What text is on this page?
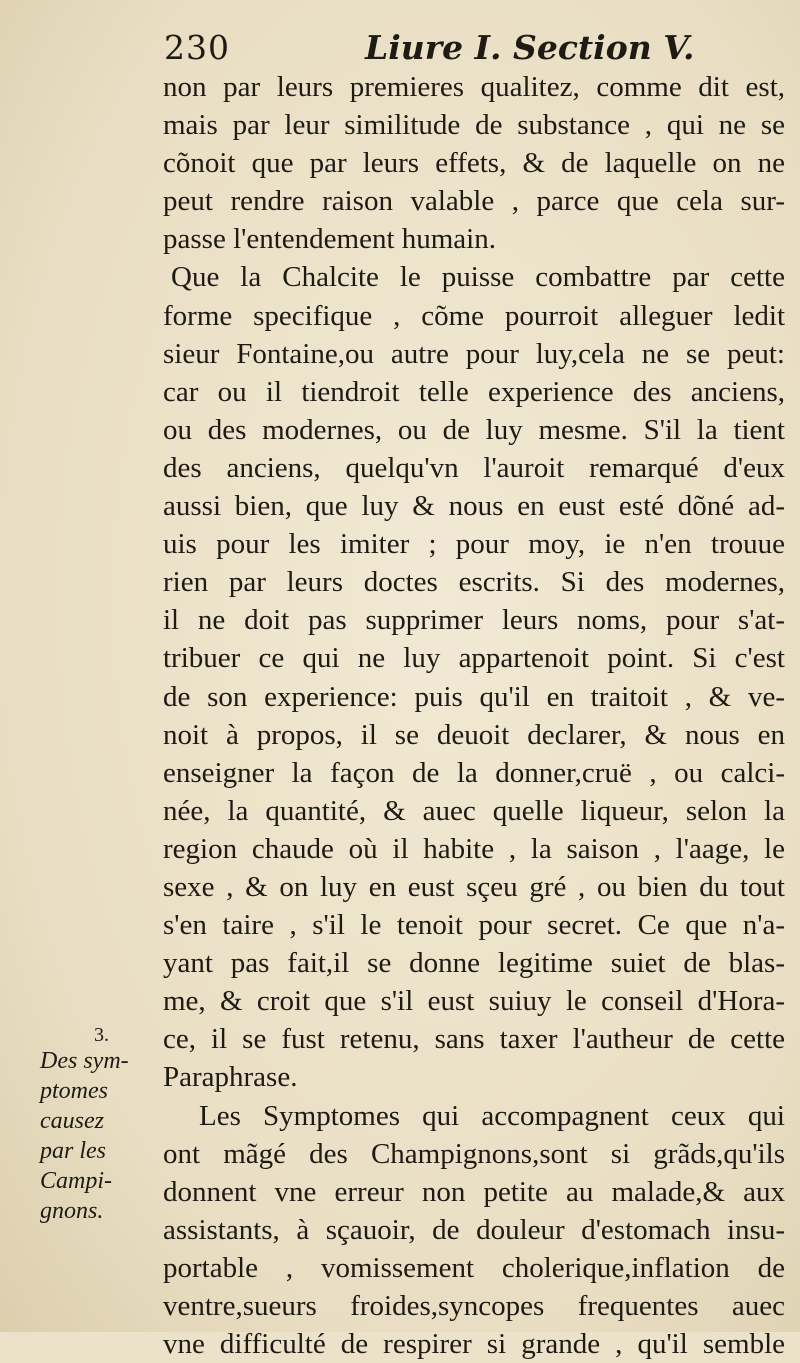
230	Liure I. Section V.
non par leurs premieres qualitez, comme dit est,
mais par leur similitude de substance , qui ne se
cõnoit que par leurs effets, & de laquelle on ne
peut rendre raison valable , parce que cela sur-
passe l'entendement humain.
Que la Chalcite le puisse combattre par cette
forme specifique , cõme pourroit alleguer ledit
sieur Fontaine,ou autre pour luy,cela ne se peut:
car ou il tiendroit telle experience des anciens,
ou des modernes, ou de luy mesme. S'il la tient
des anciens, quelqu'vn l'auroit remarqué d'eux
aussi bien, que luy & nous en eust esté dõné ad-
uis pour les imiter ; pour moy, ie n'en trouue
rien par leurs doctes escrits. Si des modernes,
il ne doit pas supprimer leurs noms, pour s'at-
tribuer ce qui ne luy appartenoit point. Si c'est
de son experience: puis qu'il en traitoit , & ve-
noit à propos, il se deuoit declarer, & nous en
enseigner la façon de la donner,cruë , ou calci-
née, la quantité, & auec quelle liqueur, selon la
region chaude où il habite , la saison , l'aage, le
sexe , & on luy en eust sçeu gré , ou bien du tout
s'en taire , s'il le tenoit pour secret. Ce que n'a-
yant pas fait,il se donne legitime suiet de blas-
me, & croit que s'il eust suiuy le conseil d'Hora-
ce, il se fust retenu, sans taxer l'autheur de cette
Paraphrase.
Les Symptomes qui accompagnent ceux qui
ont mãgé des Champignons,sont si grãds,qu'ils
donnent vne erreur non petite au malade,& aux
assistants, à sçauoir, de douleur d'estomach insu-
portable , vomissement cholerique,inflation de
ventre,sueurs froides,syncopes frequentes auec
vne difficulté de respirer si grande , qu'il semble
3.
Des sym-
ptomes
causez
par les
Campi-
gnons.
